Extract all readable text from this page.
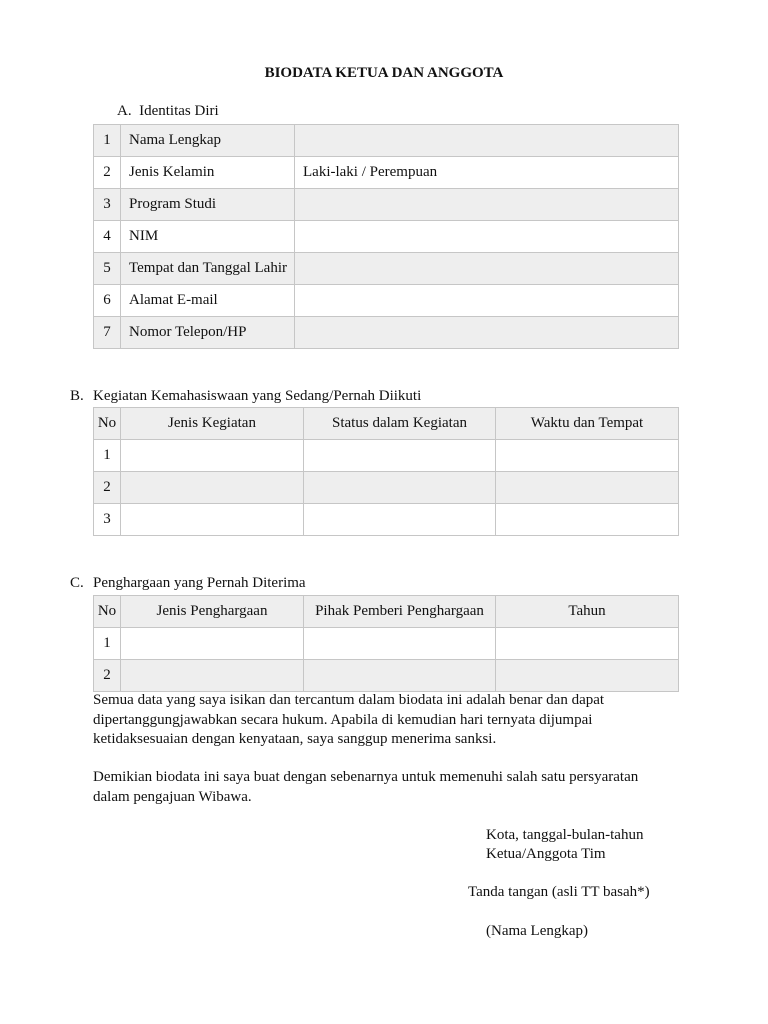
BIODATA KETUA DAN ANGGOTA
A.  Identitas Diri
1	Nama Lengkap	
2	Jenis Kelamin	Laki-laki / Perempuan
3	Program Studi	
4	NIM	
5	Tempat dan Tanggal Lahir	
6	Alamat E-mail	
7	Nomor Telepon/HP	
B. Kegiatan Kemahasiswaan yang Sedang/Pernah Diikuti
No	Jenis Kegiatan	Status dalam Kegiatan	Waktu dan Tempat
1			
2			
3			
C. Penghargaan yang Pernah Diterima
No	Jenis Penghargaan	Pihak Pemberi Penghargaan	Tahun
1			
2			
Semua data yang saya isikan dan tercantum dalam biodata ini adalah benar dan dapat
dipertanggungjawabkan secara hukum. Apabila di kemudian hari ternyata dijumpai
ketidaksesuaian dengan kenyataan, saya sanggup menerima sanksi.
Demikian biodata ini saya buat dengan sebenarnya untuk memenuhi salah satu persyaratan
dalam pengajuan Wibawa.
Kota, tanggal-bulan-tahun
Ketua/Anggota Tim
Tanda tangan (asli TT basah*)
(Nama Lengkap)
